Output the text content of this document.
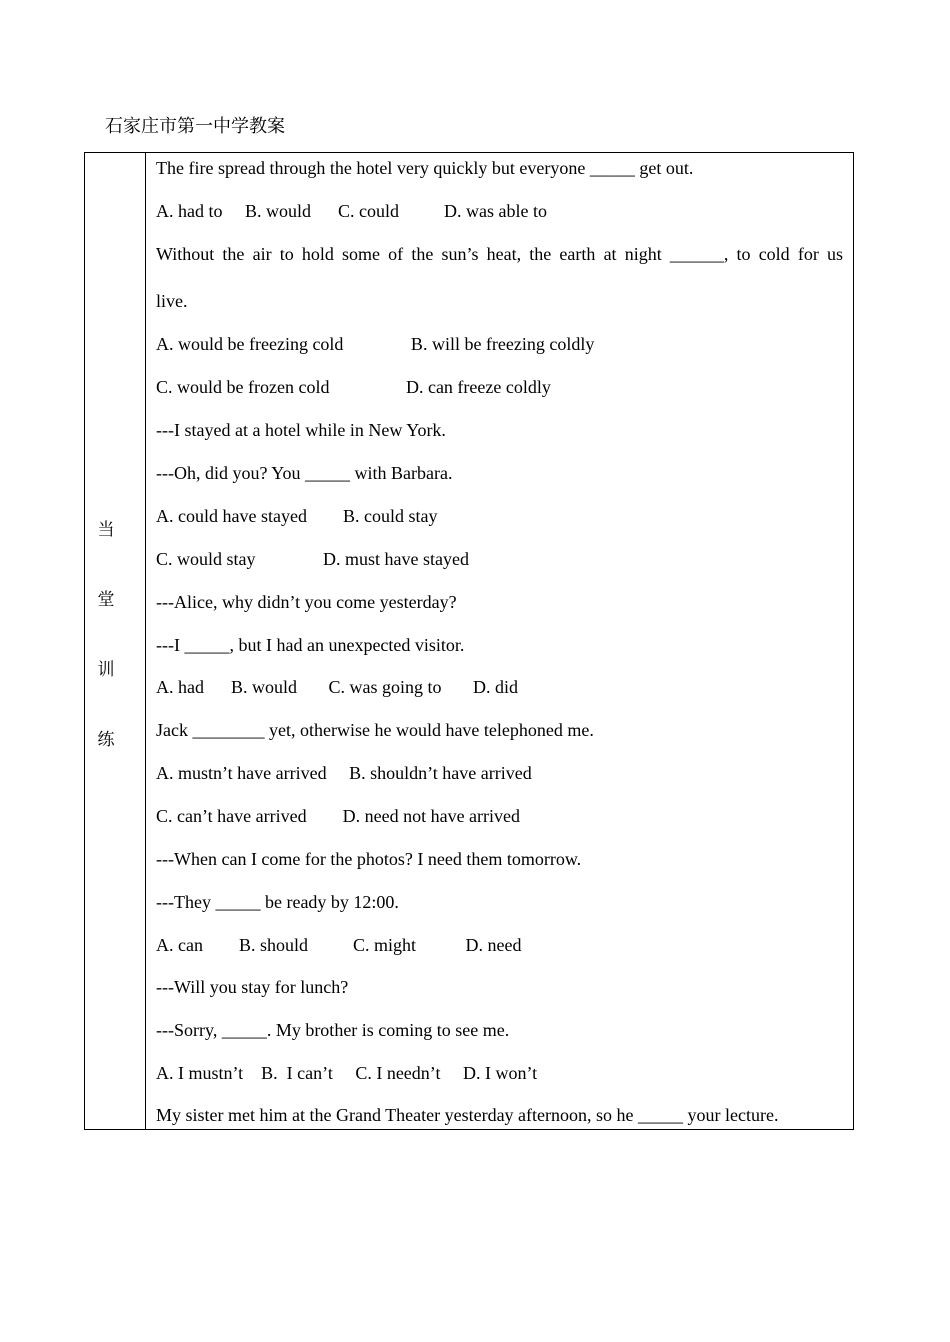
石家庄市第一中学教案
当
堂
训
练
The fire spread through the hotel very quickly but everyone _____ get out.
A. had to     B. would      C. could          D. was able to
Without the air to hold some of the sun’s heat, the earth at night ______, to cold for us
live.
A. would be freezing cold               B. will be freezing coldly
C. would be frozen cold                 D. can freeze coldly
---I stayed at a hotel while in New York.
---Oh, did you? You _____ with Barbara.
A. could have stayed        B. could stay
C. would stay               D. must have stayed
---Alice, why didn’t you come yesterday?
---I _____, but I had an unexpected visitor.
A. had      B. would       C. was going to       D. did
Jack ________ yet, otherwise he would have telephoned me.
A. mustn’t have arrived     B. shouldn’t have arrived
C. can’t have arrived        D. need not have arrived
---When can I come for the photos? I need them tomorrow.
---They _____ be ready by 12:00.
A. can        B. should          C. might           D. need
---Will you stay for lunch?
---Sorry, _____. My brother is coming to see me.
A. I mustn’t    B.  I can’t     C. I needn’t     D. I won’t
My sister met him at the Grand Theater yesterday afternoon, so he _____ your lecture.
